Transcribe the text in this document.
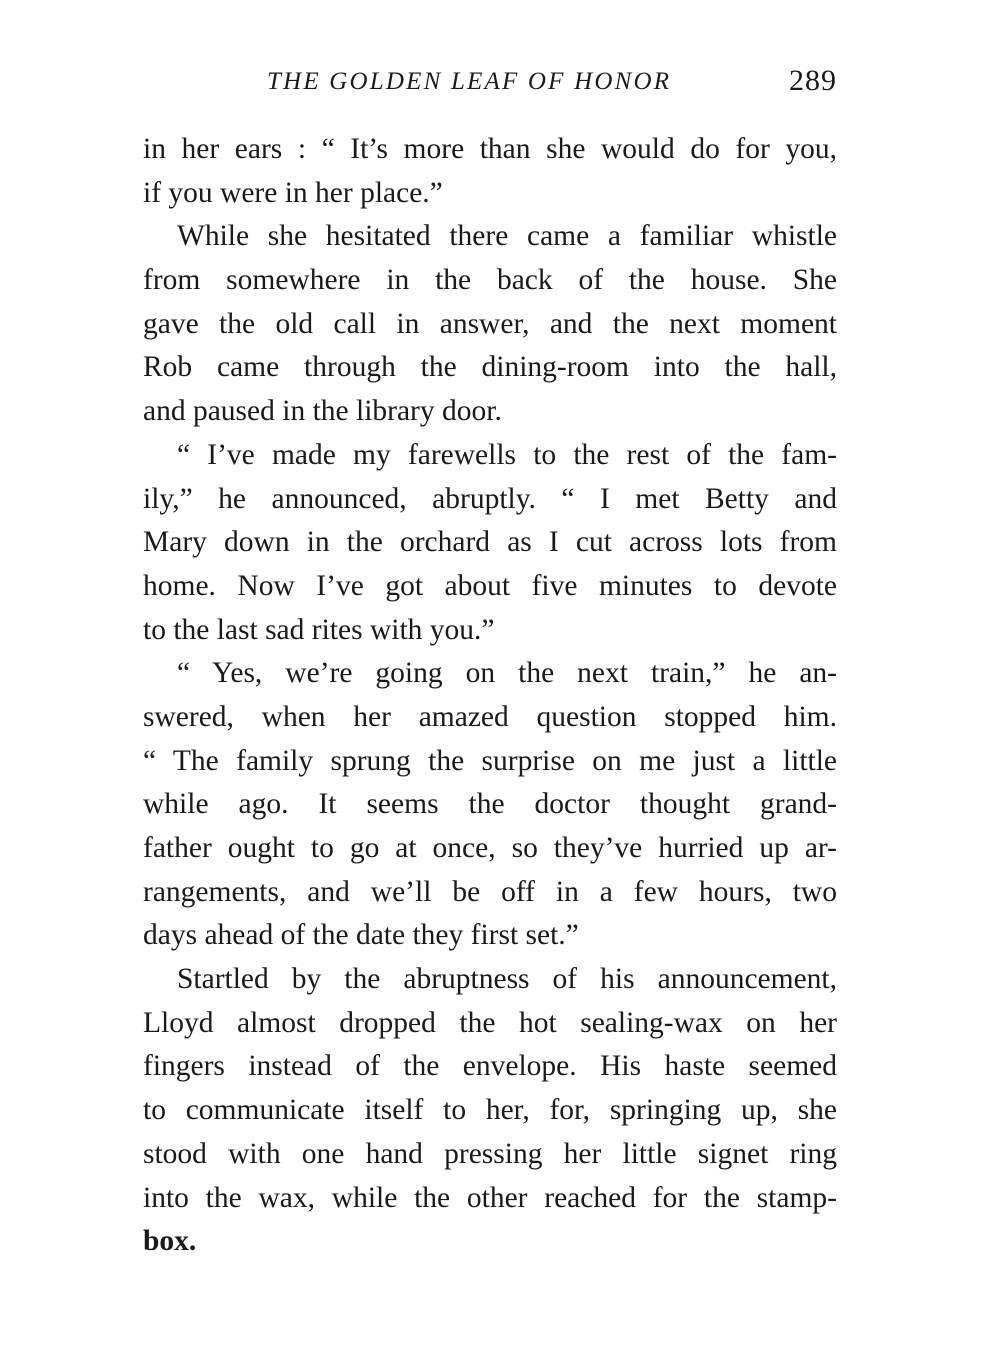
THE GOLDEN LEAF OF HONOR	289
in her ears : “ It’s more than she would do for you,
if you were in her place.”
While she hesitated there came a familiar whistle
from somewhere in the back of the house. She
gave the old call in answer, and the next moment
Rob came through the dining-room into the hall,
and paused in the library door.
“ I’ve made my farewells to the rest of the fam-
ily,” he announced, abruptly. “ I met Betty and
Mary down in the orchard as I cut across lots from
home. Now I’ve got about five minutes to devote
to the last sad rites with you.”
“ Yes, we’re going on the next train,” he an-
swered, when her amazed question stopped him.
“ The family sprung the surprise on me just a little
while ago. It seems the doctor thought grand-
father ought to go at once, so they’ve hurried up ar-
rangements, and we’ll be off in a few hours, two
days ahead of the date they first set.”
Startled by the abruptness of his announcement,
Lloyd almost dropped the hot sealing-wax on her
fingers instead of the envelope. His haste seemed
to communicate itself to her, for, springing up, she
stood with one hand pressing her little signet ring
into the wax, while the other reached for the stamp-
box.
